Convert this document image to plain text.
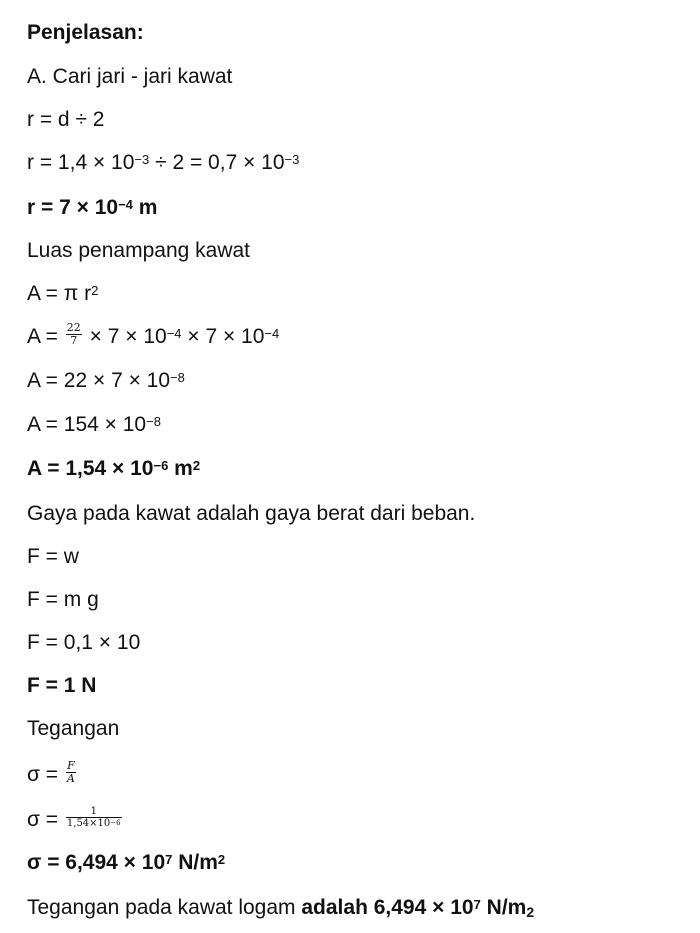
Penjelasan:
A. Cari jari - jari kawat
r = d ÷ 2
$r = 1,4 \times 10^{-3} \div 2 = 0,7 \times 10^{-3}$
$r = 7 \times 10^{-4}$ m
Luas penampang kawat
A = π $r^2$
$A = \frac{22}{7} \times 7 \times 10^{-4} \times 7 \times 10^{-4}$
$A = 22 \times 7 \times 10^{-8}$
$A = 154 \times 10^{-8}$
$A = 1,54 \times 10^{-6}$ $m^2$
Gaya pada kawat adalah gaya berat dari beban.
F = w
F = m g
F = 0,1 × 10
F = 1 N
Tegangan
$\sigma = \frac{F}{A}$
$\sigma = \frac{1}{1,54\times 10^{-6}}$
$\sigma = 6,494 \times 10^7$ $N/m^2$
Tegangan pada kawat logam adalah $6,494 \times 10^7$ N/m2
